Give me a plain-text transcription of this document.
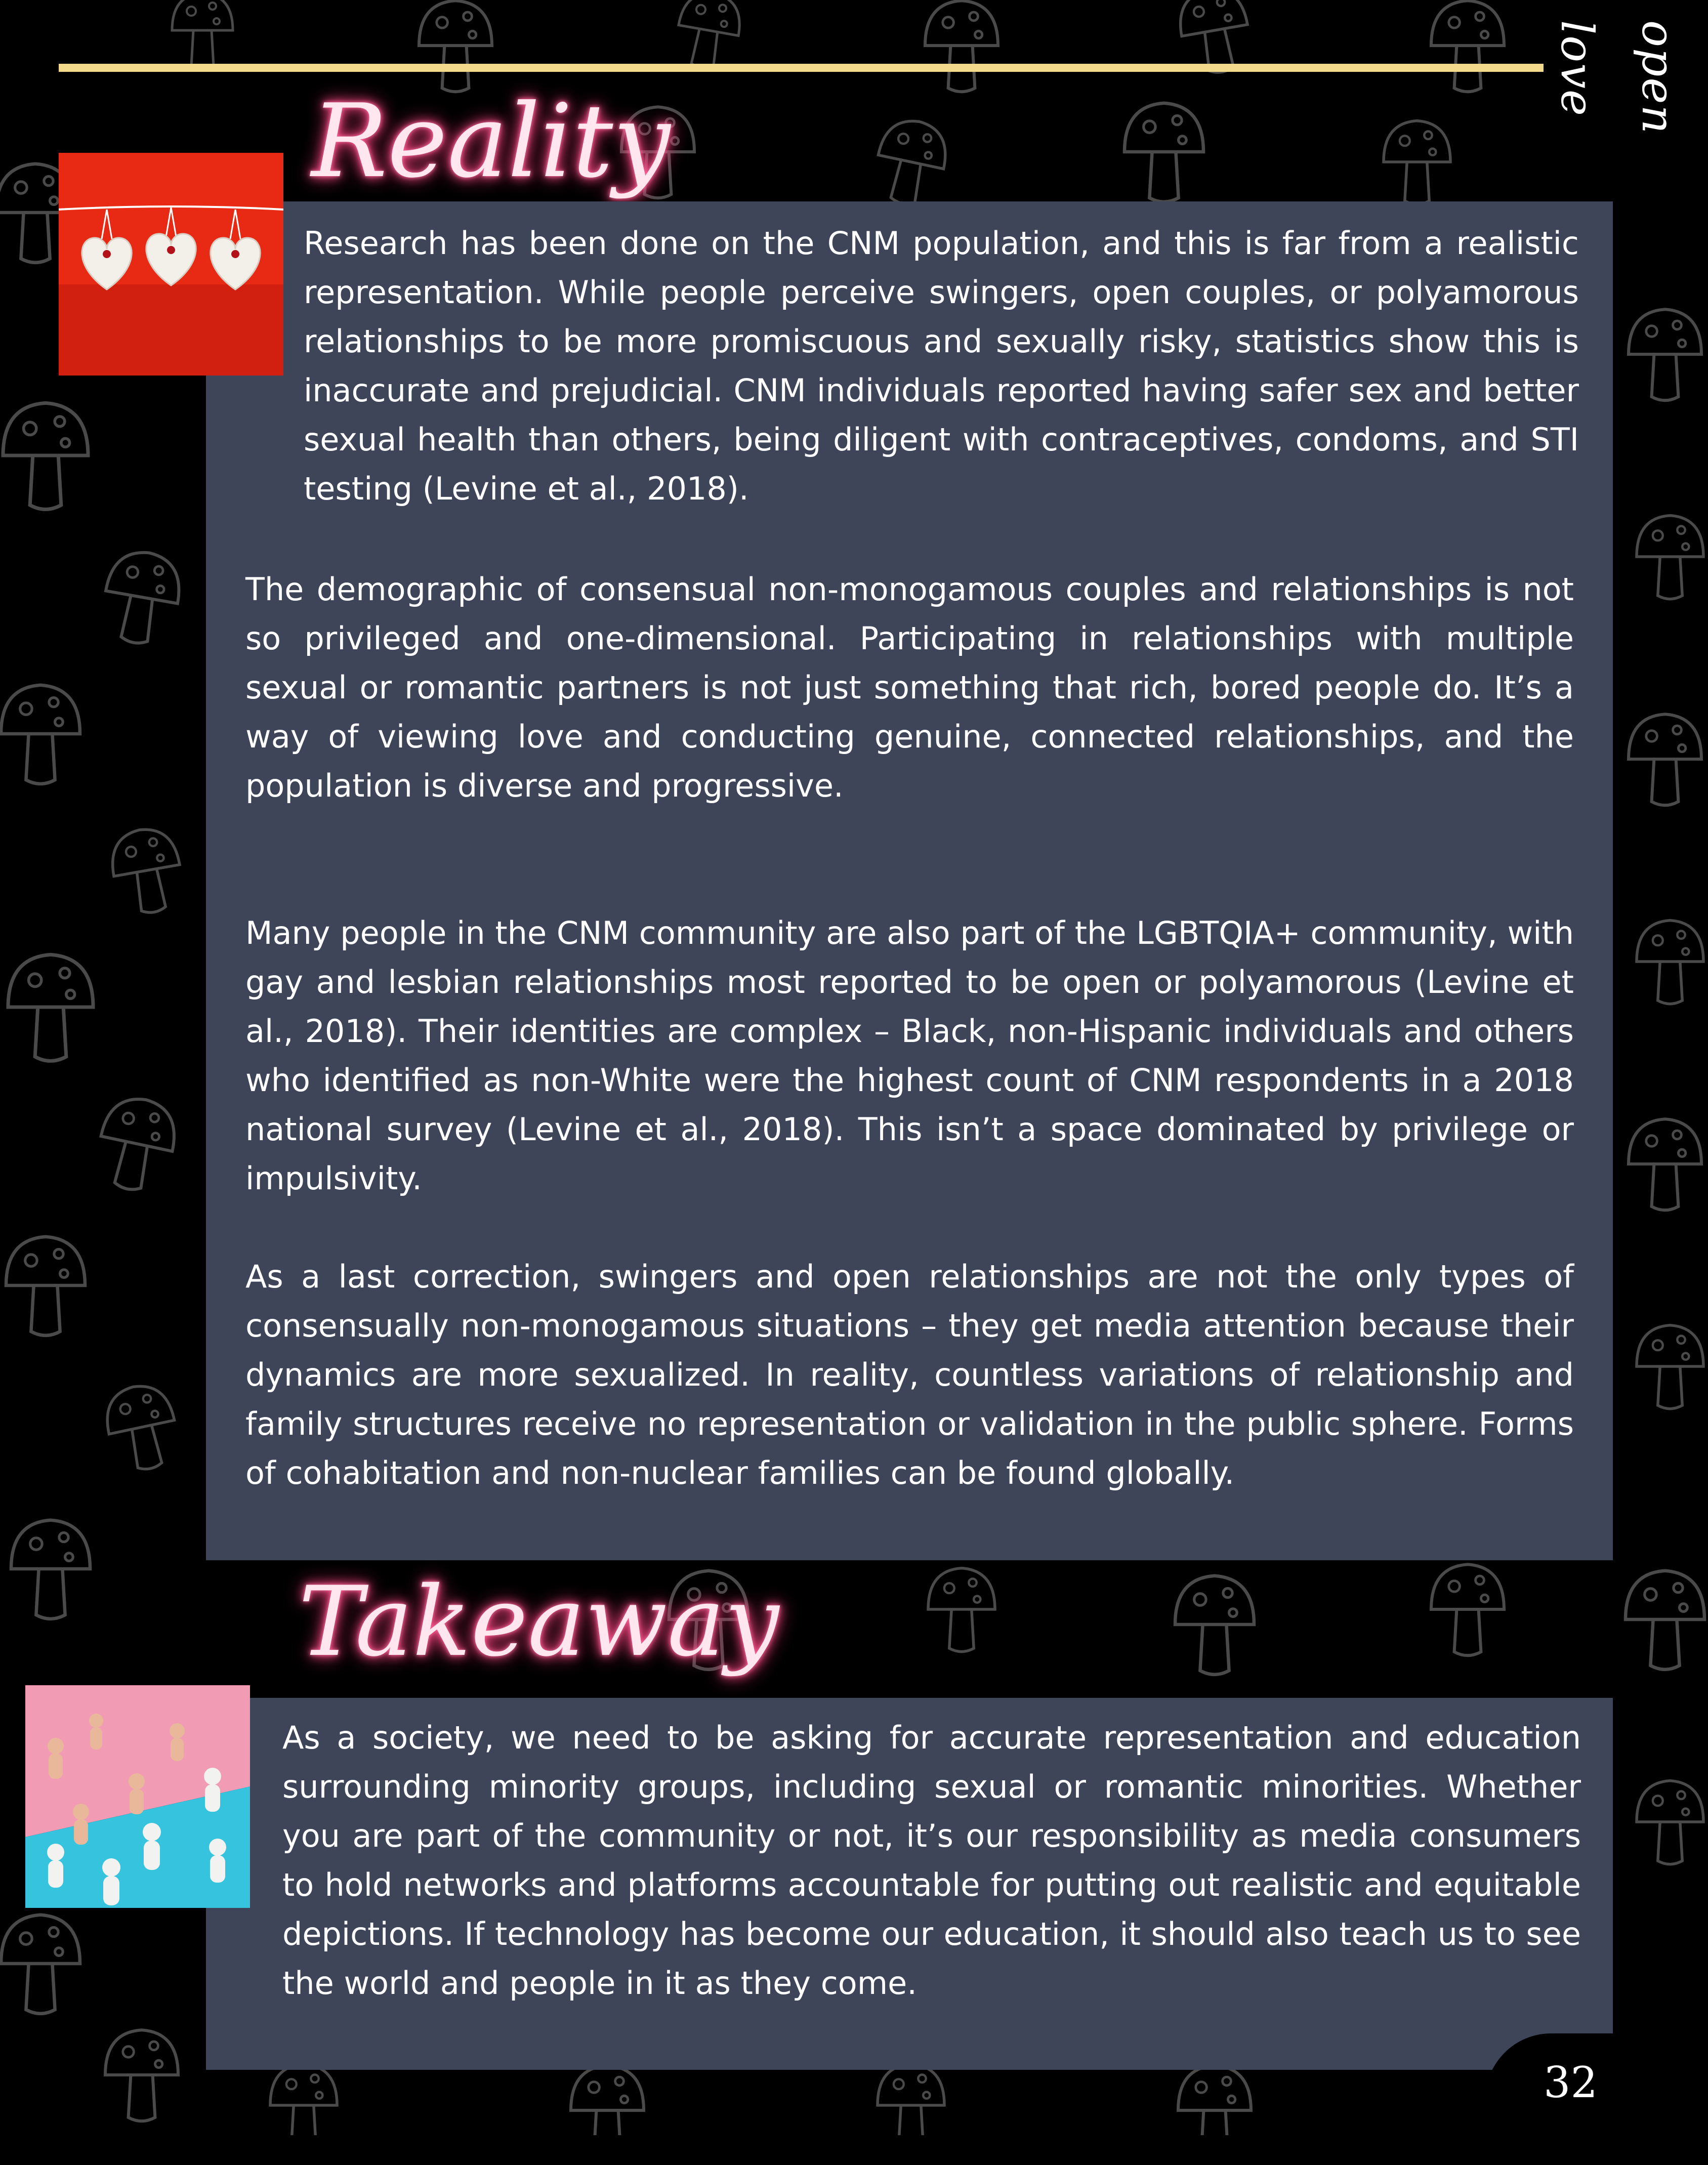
open love
Reality

Research has been done on the CNM population, and this is far from a realistic representation. While people perceive swingers, open couples, or polyamorous relationships to be more promiscuous and sexually risky, statistics show this is inaccurate and prejudicial. CNM individuals reported having safer sex and better sexual health than others, being diligent with contraceptives, condoms, and STI testing (Levine et al., 2018).

The demographic of consensual non-monogamous couples and relationships is not so privileged and one-dimensional. Participating in relationships with multiple sexual or romantic partners is not just something that rich, bored people do. It’s a way of viewing love and conducting genuine, connected relationships, and the population is diverse and progressive.

Many people in the CNM community are also part of the LGBTQIA+ community, with gay and lesbian relationships most reported to be open or polyamorous (Levine et al., 2018). Their identities are complex – Black, non-Hispanic individuals and others who identified as non-White were the highest count of CNM respondents in a 2018 national survey (Levine et al., 2018). This isn’t a space dominated by privilege or impulsivity.

As a last correction, swingers and open relationships are not the only types of consensually non-monogamous situations – they get media attention because their dynamics are more sexualized. In reality, countless variations of relationship and family structures receive no representation or validation in the public sphere. Forms of cohabitation and non-nuclear families can be found globally.

Takeaway

As a society, we need to be asking for accurate representation and education surrounding minority groups, including sexual or romantic minorities. Whether you are part of the community or not, it’s our responsibility as media consumers to hold networks and platforms accountable for putting out realistic and equitable depictions. If technology has become our education, it should also teach us to see the world and people in it as they come.

32
